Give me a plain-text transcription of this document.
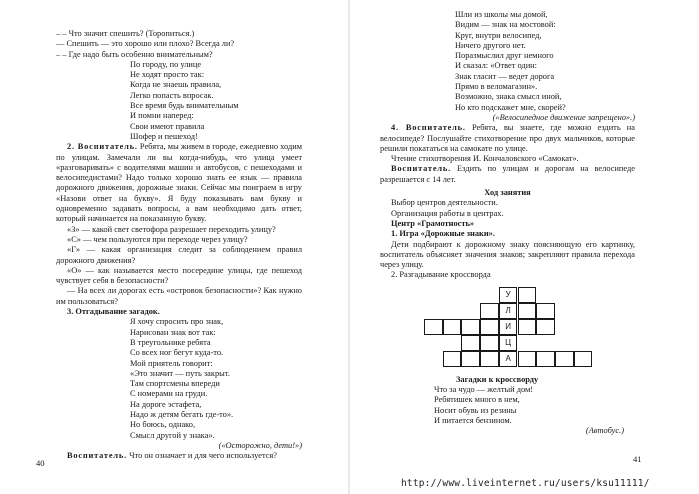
– – Что значит спешить? (Торопиться.)

— Спешить — это хорошо или плохо? Всегда ли?

– – Где надо быть особенно внимательным?

По городу, по улице
Не ходят просто так:
Когда не знаешь правила,
Легко попасть впросак.
Все время будь внимательным
И помни наперед:
Свои имеют правила
Шофер и пешеход!

2. Воспитатель. Ребята, мы живем в городе, ежедневно ходим по улицам. Замечали ли вы когда-нибудь, что улица умеет «разговаривать» с водителями машин и автобусов, с пешеходами и велосипедистами? Надо только хорошо знать ее язык — правила дорожного движения, дорожные знаки. Сейчас мы поиграем в игру «Назови ответ на букву». Я буду показывать вам букву и одновременно задавать вопросы, а вам необходимо дать ответ, который начинается на показанную букву.

«З» — какой свет светофора разрешает переходить улицу?

«С» — чем пользуются при переходе через улицу?

«Г» — какая организация следит за соблюдением правил дорожного движения?

«О» — как называется место посередине улицы, где пешеход чувствует себя в безопасности?

— На всех ли дорогах есть «островок безопасности»? Как нужно им пользоваться?

3. Отгадывание загадок.

Я хочу спросить про знак,
Нарисован знак вот так:
В треугольнике ребята
Со всех ног бегут куда-то.
Мой приятель говорит:
«Это значит — путь закрыт.
Там спортсмены впереди
С номерами на груди.
На дороге эстафета,
Надо ж детям бегать где-то».
Но боюсь, однако,
Смысл другой у знака».

(«Осторожно, дети!»)

Воспитатель. Что он означает и для чего используется?

40
Шли из школы мы домой,
Видим — знак на мостовой:
Круг, внутри велосипед,
Ничего другого нет.
Поразмыслил друг немного
И сказал: «Ответ один:
Знак гласит — ведет дорога
Прямо в веломагазин».
Возможно, знака смысл иной,
Но кто подскажет мне, скорей?

(«Велосипедное движение запрещено».)

4. Воспитатель. Ребята, вы знаете, где можно ездить на велосипеде? Послушайте стихотворение про двух мальчиков, которые решили покататься на самокате по улице.

Чтение стихотворения И. Кончаловского «Самокат».

Воспитатель. Ездить по улицам и дорогам на велосипеде разрешается с 14 лет.

Ход занятия

Выбор центров деятельности.

Организация работы в центрах.

Центр «Грамотность»

1. Игра «Дорожные знаки».

Дети подбирают к дорожному знаку поясняющую его картинку, воспитатель объясняет значения знаков; закрепляют правила перехода через улицу.

2. Разгадывание кроссворда

У
Л
И
Ц
А

Загадки к кроссворду

Что за чудо — желтый дом!
Ребятишек много в нем,
Носит обувь из резины
И питается бензином.

(Автобус.)

41
http://www.liveinternet.ru/users/ksu11111/
